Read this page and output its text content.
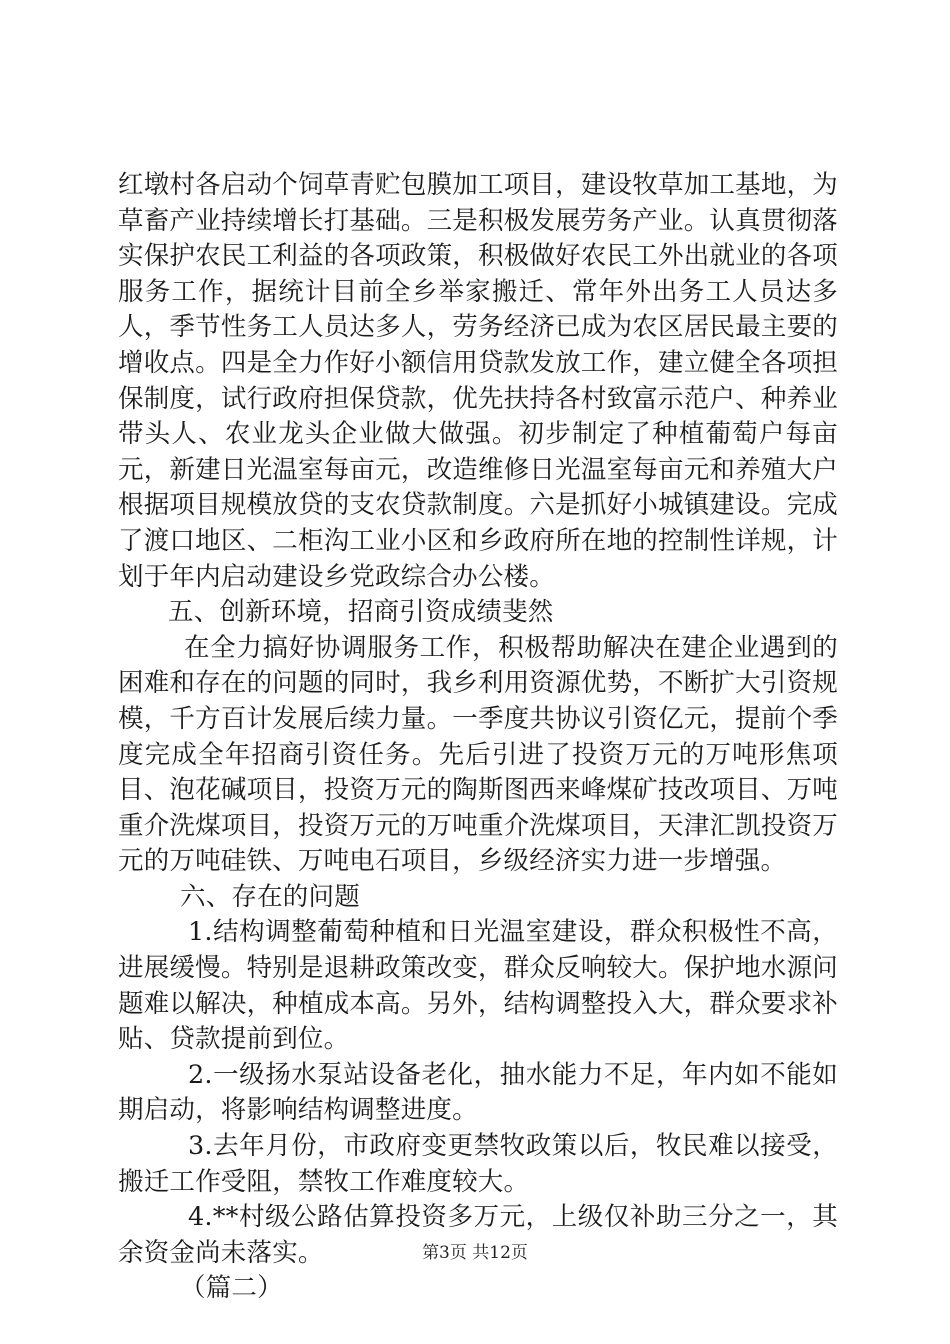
红墩村各启动个饲草青贮包膜加工项目，建设牧草加工基地，为草畜产业持续增长打基础。三是积极发展劳务产业。认真贯彻落实保护农民工利益的各项政策，积极做好农民工外出就业的各项服务工作，据统计目前全乡举家搬迁、常年外出务工人员达多人，季节性务工人员达多人，劳务经济已成为农区居民最主要的增收点。四是全力作好小额信用贷款发放工作，建立健全各项担保制度，试行政府担保贷款，优先扶持各村致富示范户、种养业带头人、农业龙头企业做大做强。初步制定了种植葡萄户每亩元，新建日光温室每亩元，改造维修日光温室每亩元和养殖大户根据项目规模放贷的支农贷款制度。六是抓好小城镇建设。完成了渡口地区、二柜沟工业小区和乡政府所在地的控制性详规，计划于年内启动建设乡党政综合办公楼。

五、创新环境，招商引资成绩斐然

在全力搞好协调服务工作，积极帮助解决在建企业遇到的困难和存在的问题的同时，我乡利用资源优势，不断扩大引资规模，千方百计发展后续力量。一季度共协议引资亿元，提前个季度完成全年招商引资任务。先后引进了投资万元的万吨形焦项目、泡花碱项目，投资万元的陶斯图西来峰煤矿技改项目、万吨重介洗煤项目，投资万元的万吨重介洗煤项目，天津汇凯投资万元的万吨硅铁、万吨电石项目，乡级经济实力进一步增强。

六、存在的问题

1.结构调整葡萄种植和日光温室建设，群众积极性不高，进展缓慢。特别是退耕政策改变，群众反响较大。保护地水源问题难以解决，种植成本高。另外，结构调整投入大，群众要求补贴、贷款提前到位。

2.一级扬水泵站设备老化，抽水能力不足，年内如不能如期启动，将影响结构调整进度。

3.去年月份，市政府变更禁牧政策以后，牧民难以接受，搬迁工作受阻，禁牧工作难度较大。

4.**村级公路估算投资多万元，上级仅补助三分之一，其余资金尚未落实。

（篇二）

第3页 共12页
